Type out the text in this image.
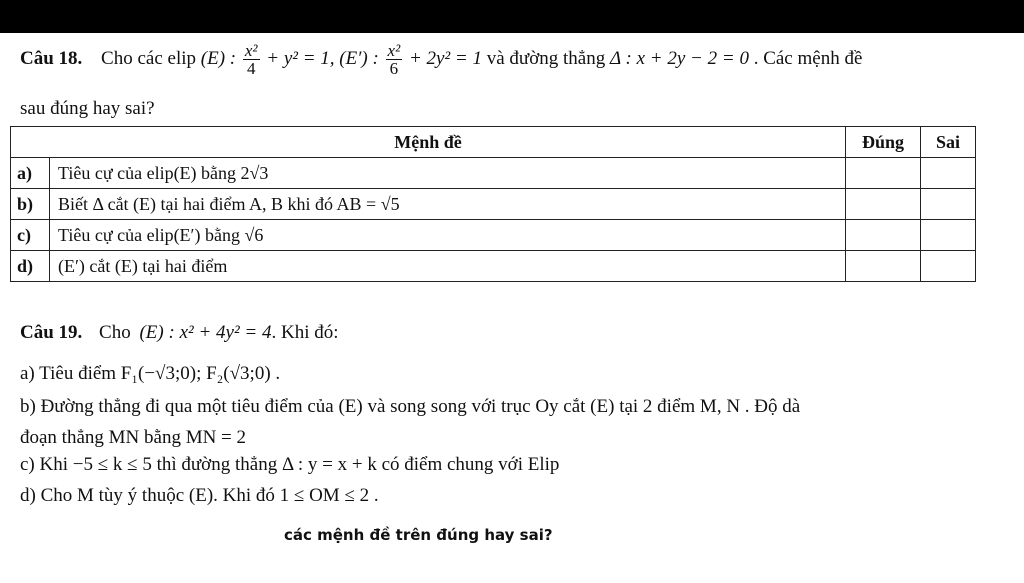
Câu 18. Cho các elip (E) : $\frac{\text{x²}}{4} + y^2 = 1$, (E′) : $\frac{\text{x²}}{6} + 2y^2 = 1$ và đường thẳng Δ : x + 2y − 2 = 0 . Các mệnh đề
sau đúng hay sai?
Mệnh đề		Đúng	Sai
a)	Tiêu cự của elip(E) bằng 2√3		
b)	Biết Δ cắt (E) tại hai điểm A, B khi đó AB = √5		
c)	Tiêu cự của elip(E′) bằng √6		
d)	(E′) cắt (E) tại hai điểm		
Câu 19. Cho (E) : x² + 4y² = 4. Khi đó:
a) Tiêu điểm F₁(−√3;0); F₂(√3;0) .
b) Đường thẳng đi qua một tiêu điểm của (E) và song song với trục Oy cắt (E) tại 2 điểm M, N . Độ dà
đoạn thẳng MN bằng MN = 2
c) Khi −5 ≤ k ≤ 5 thì đường thẳng Δ : y = x + k có điểm chung với Elip
d) Cho M tùy ý thuộc (E). Khi đó 1 ≤ OM ≤ 2 .
các mệnh đề trên đúng hay sai?
